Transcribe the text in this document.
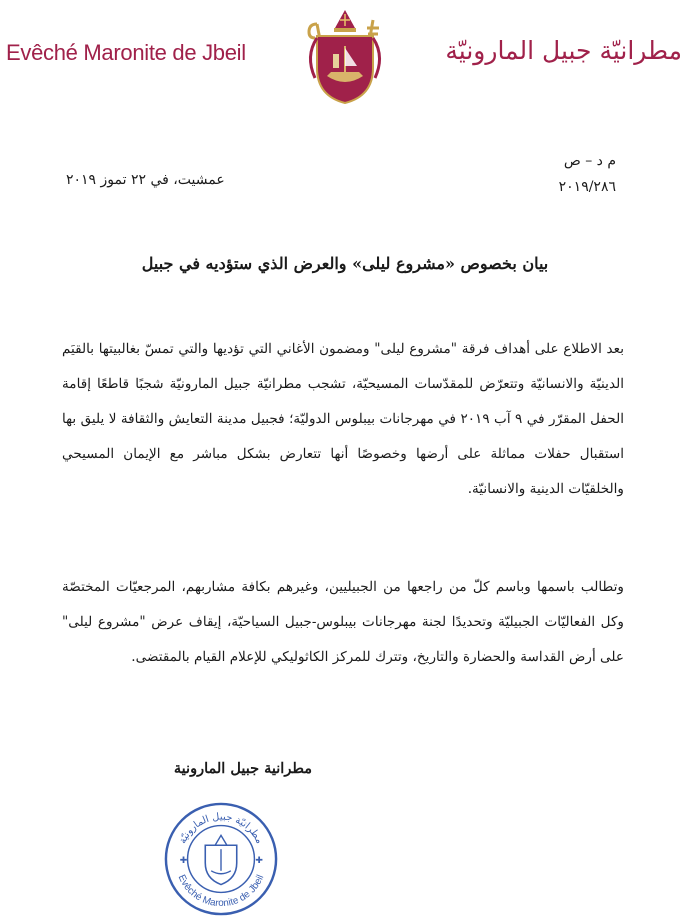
Evêché Maronite de Jbeil	مطرانيّة جبيل المارونيّة
م د – ص
٢٠١٩/٢٨٦
عمشيت، في ٢٢ تموز ٢٠١٩
بيان بخصوص «مشروع ليلى» والعرض الذي ستؤديه في جبيل

بعد الاطلاع على أهداف فرقة "مشروع ليلى" ومضمون الأغاني التي تؤديها والتي تمسّ بغالبيتها بالقيَم الدينيّة والانسانيّة وتتعرّض للمقدّسات المسيحيّة، تشجب مطرانيّة جبيل المارونيّة شجبًا قاطعًا إقامة الحفل المقرّر في ٩ آب ٢٠١٩ في مهرجانات بيبلوس الدوليّة؛ فجبيل مدينة التعايش والثقافة لا يليق بها استقبال حفلات مماثلة على أرضها وخصوصًا أنها تتعارض بشكل مباشر مع الإيمان المسيحي والخلقيّات الدينية والانسانيّة.

وتطالب باسمها وباسم كلّ من راجعها من الجبيليين، وغيرهم بكافة مشاربهم، المرجعيّات المختصّة وكل الفعاليّات الجبيليّة وتحديدًا لجنة مهرجانات بيبلوس-جبيل السياحيّة، إيقاف عرض "مشروع ليلى" على أرض القداسة والحضارة والتاريخ، وتترك للمركز الكاثوليكي للإعلام القيام بالمقتضى.

مطرانية جبيل المارونية
مطرانيّة جبيل المارونيّة
Evêché Maronite de Jbeil
✚	✚
